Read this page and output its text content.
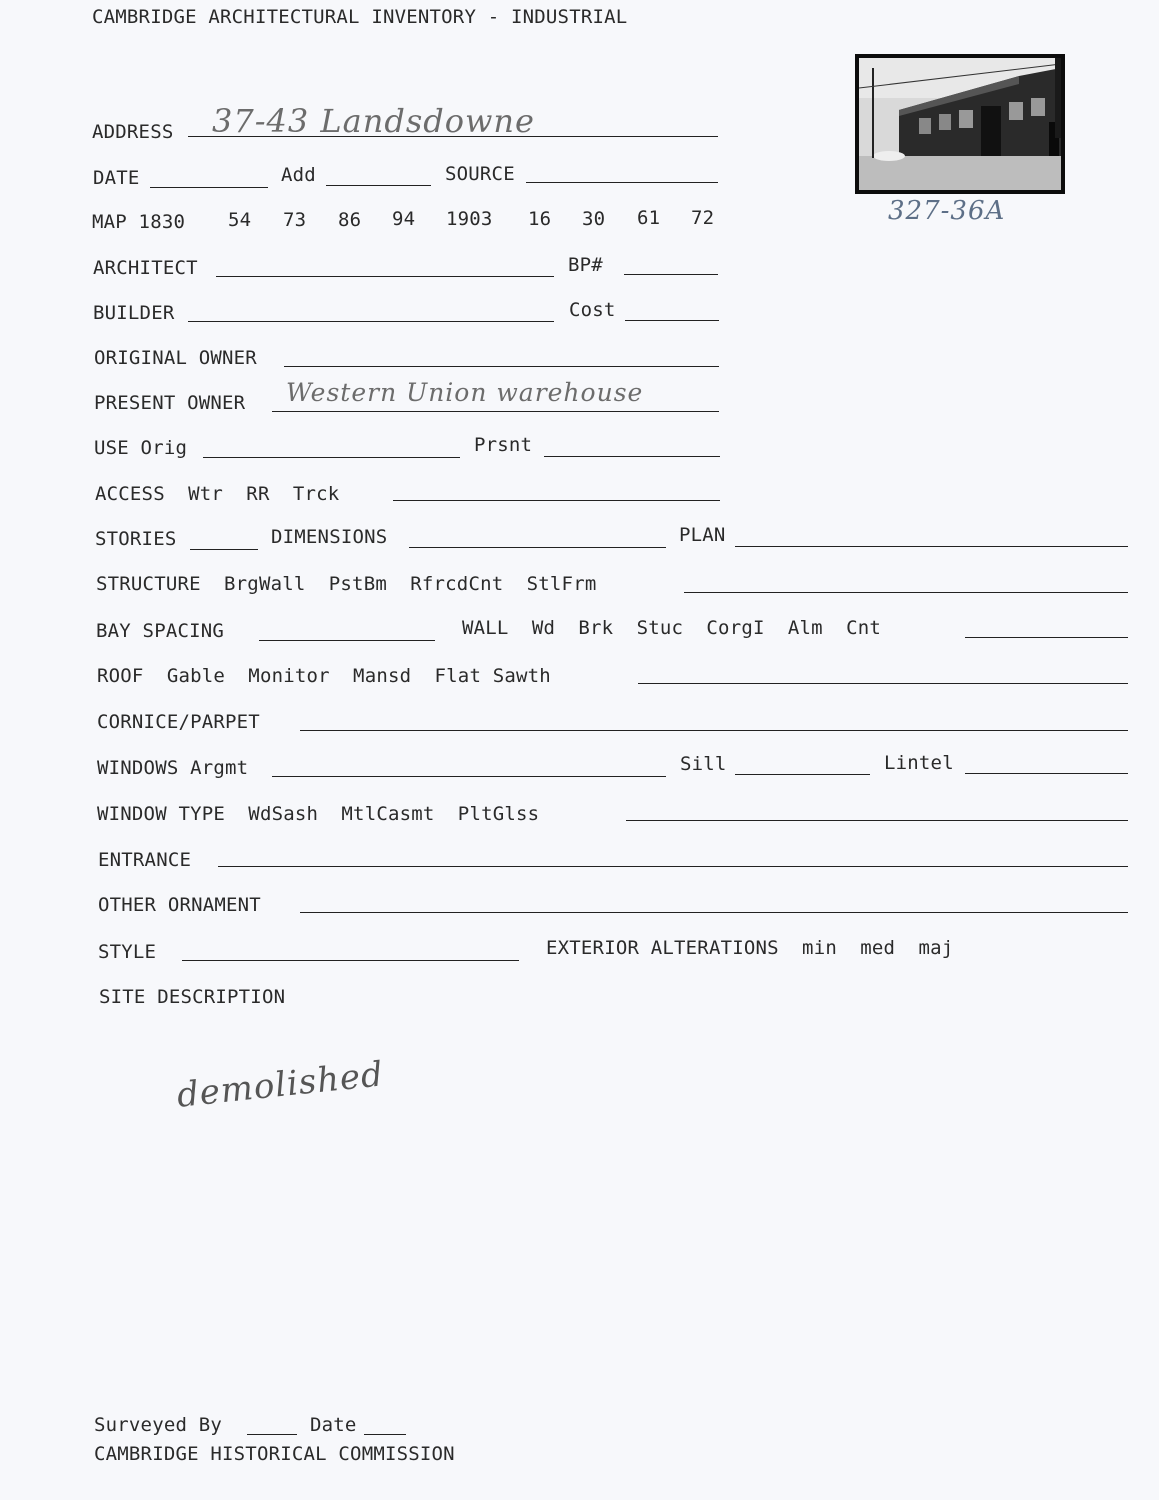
CAMBRIDGE ARCHITECTURAL INVENTORY - INDUSTRIAL
327-36A
ADDRESS 37-43 Landsdowne
DATE	Add	SOURCE
MAP 1830 54 73 86 94 1903 16 30 61 72
ARCHITECT	BP#
BUILDER	Cost
ORIGINAL OWNER
PRESENT OWNER Western Union warehouse
USE Orig	Prsnt
ACCESS  Wtr  RR  Trck
STORIES	DIMENSIONS	PLAN
STRUCTURE  BrgWall  PstBm  RfrcdCnt  StlFrm
BAY SPACING	WALL  Wd  Brk  Stuc  CorgI  Alm  Cnt
ROOF  Gable  Monitor  Mansd  Flat Sawth
CORNICE/PARPET
WINDOWS Argmt	Sill	Lintel
WINDOW TYPE  WdSash  MtlCasmt  PltGlss
ENTRANCE
OTHER ORNAMENT
STYLE	EXTERIOR ALTERATIONS  min  med  maj
SITE DESCRIPTION
demolished
Surveyed By	Date
CAMBRIDGE HISTORICAL COMMISSION
